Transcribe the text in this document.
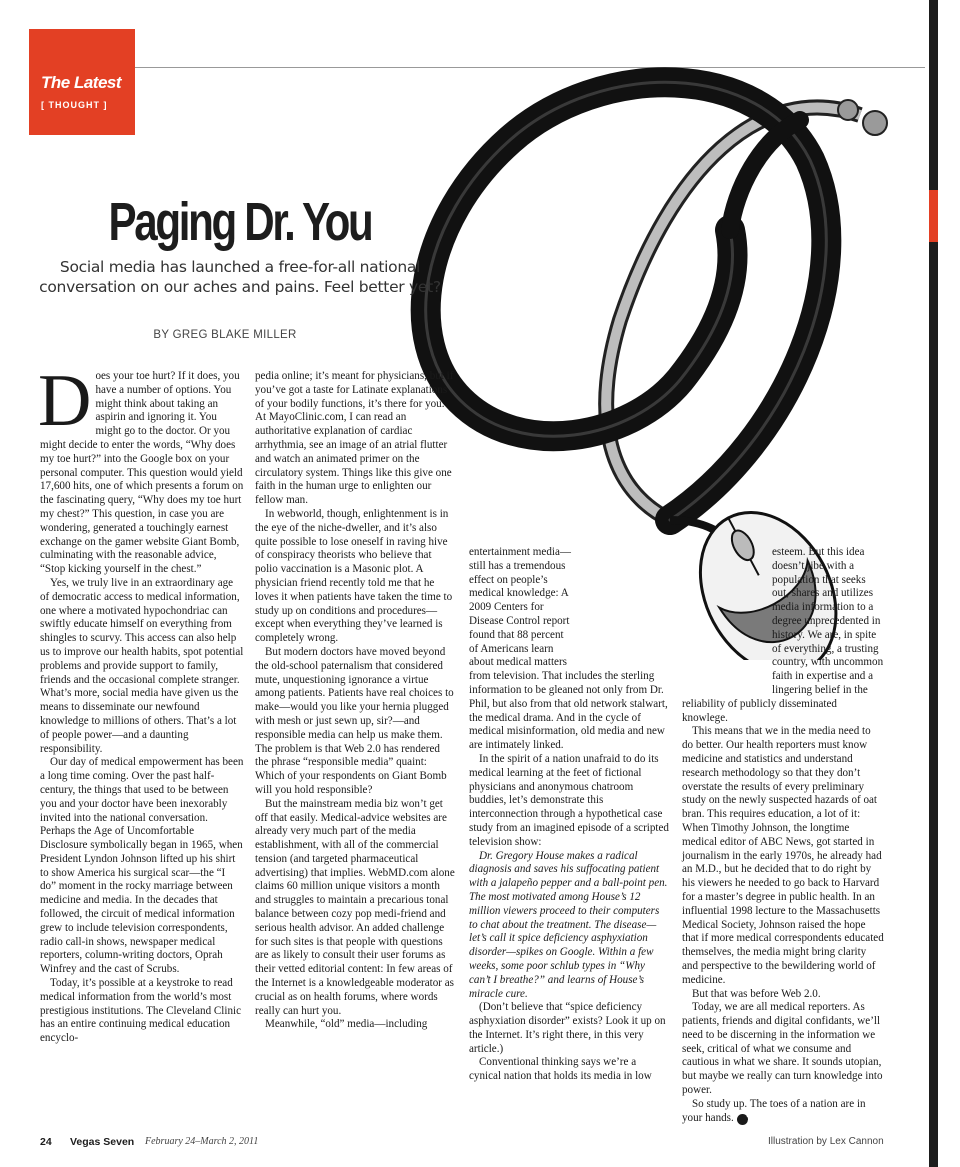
The Latest
[ THOUGHT ]
Paging Dr. You
Social media has launched a free-for-all national conversation on our aches and pains. Feel better yet?
BY GREG BLAKE MILLER
D oes your toe hurt? If it does, you have a number of options. You might think about taking an aspirin and ignoring it. You might go to the doctor. Or you might decide to enter the words, “Why does my toe hurt?” into the Google box on your personal computer. This question would yield 17,600 hits, one of which presents a forum on the fascinating query, “Why does my toe hurt my chest?” This question, in case you are wondering, generated a touchingly earnest exchange on the gamer website Giant Bomb, culminating with the reasonable advice, “Stop kicking yourself in the chest.”

Yes, we truly live in an extraordinary age of democratic access to medical information, one where a motivated hypochondriac can swiftly educate himself on everything from shingles to scurvy. This access can also help us to improve our health habits, spot potential problems and provide support to family, friends and the occasional complete stranger. What’s more, social media have given us the means to disseminate our newfound knowledge to millions of others. That’s a lot of people power—and a daunting responsibility.

Our day of medical empowerment has been a long time coming. Over the past half-century, the things that used to be between you and your doctor have been inexorably invited into the national conversation. Perhaps the Age of Uncomfortable Disclosure symbolically began in 1965, when President Lyndon Johnson lifted up his shirt to show America his surgical scar—the “I do” moment in the rocky marriage between medicine and media. In the decades that followed, the circuit of medical information grew to include television correspondents, radio call-in shows, newspaper medical reporters, column-writing doctors, Oprah Winfrey and the cast of Scrubs.

Today, it’s possible at a keystroke to read medical information from the world’s most prestigious institutions. The Cleveland Clinic has an entire continuing medical education encyclo-

pedia online; it’s meant for physicians, but if you’ve got a taste for Latinate explanations of your bodily functions, it’s there for you. At MayoClinic.com, I can read an authoritative explanation of cardiac arrhythmia, see an image of an atrial flutter and watch an animated primer on the circulatory system. Things like this give one faith in the human urge to enlighten our fellow man.

In webworld, though, enlightenment is in the eye of the niche-dweller, and it’s also quite possible to lose oneself in raving hive of conspiracy theorists who believe that polio vaccination is a Masonic plot. A physician friend recently told me that he loves it when patients have taken the time to study up on conditions and procedures—except when everything they’ve learned is completely wrong.

But modern doctors have moved beyond the old-school paternalism that considered mute, unquestioning ignorance a virtue among patients. Patients have real choices to make—would you like your hernia plugged with mesh or just sewn up, sir?—and responsible media can help us make them. The problem is that Web 2.0 has rendered the phrase “responsible media” quaint: Which of your respondents on Giant Bomb will you hold responsible?

But the mainstream media biz won’t get off that easily. Medical-advice websites are already very much part of the media establishment, with all of the commercial tension (and targeted pharmaceutical advertising) that implies. WebMD.com alone claims 60 million unique visitors a month and struggles to maintain a precarious tonal balance between cozy pop medi-friend and serious health advisor. An added challenge for such sites is that people with questions are as likely to consult their user forums as their vetted editorial content: In few areas of the Internet is a knowledgeable moderator as crucial as on health forums, where words really can hurt you.

Meanwhile, “old” media—including

entertainment media—still has a tremendous effect on people’s medical knowledge: A 2009 Centers for Disease Control report found that 88 percent of Americans learn about medical matters from television. That includes the sterling information to be gleaned not only from Dr. Phil, but also from that old network stalwart, the medical drama. And in the cycle of medical misinformation, old media and new are intimately linked.

In the spirit of a nation unafraid to do its medical learning at the feet of fictional physicians and anonymous chatroom buddies, let’s demonstrate this interconnection through a hypothetical case study from an imagined episode of a scripted television show:

Dr. Gregory House makes a radical diagnosis and saves his suffocating patient with a jalapeño pepper and a ball-point pen. The most motivated among House’s 12 million viewers proceed to their computers to chat about the treatment. The disease—let’s call it spice deficiency asphyxiation disorder—spikes on Google. Within a few weeks, some poor schlub types in “Why can’t I breathe?” and learns of House’s miracle cure.

(Don’t believe that “spice deficiency asphyxiation disorder” exists? Look it up on the Internet. It’s right there, in this very article.)

Conventional thinking says we’re a cynical nation that holds its media in low

esteem. But this idea doesn’t jibe with a population that seeks out, shares and utilizes media information to a degree unprecedented in history. We are, in spite of everything, a trusting country, with uncommon faith in expertise and a lingering belief in the reliability of publicly disseminated knowlege.

This means that we in the media need to do better. Our health reporters must know medicine and statistics and understand research methodology so that they don’t overstate the results of every preliminary study on the newly suspected hazards of oat bran. This requires education, a lot of it: When Timothy Johnson, the longtime medical editor of ABC News, got started in journalism in the early 1970s, he already had an M.D., but he decided that to do right by his viewers he needed to go back to Harvard for a master’s degree in public health. In an influential 1998 lecture to the Massachusetts Medical Society, Johnson raised the hope that if more medical correspondents educated themselves, the media might bring clarity and perspective to the bewildering world of medicine.

But that was before Web 2.0.

Today, we are all medical reporters. As patients, friends and digital confidants, we’ll need to be discerning in the information we seek, critical of what we consume and cautious in what we share. It sounds utopian, but maybe we really can turn knowledge into power.

So study up. The toes of a nation are in your hands. 7

24 Vegas Seven February 24–March 2, 2011	Illustration by Lex Cannon
